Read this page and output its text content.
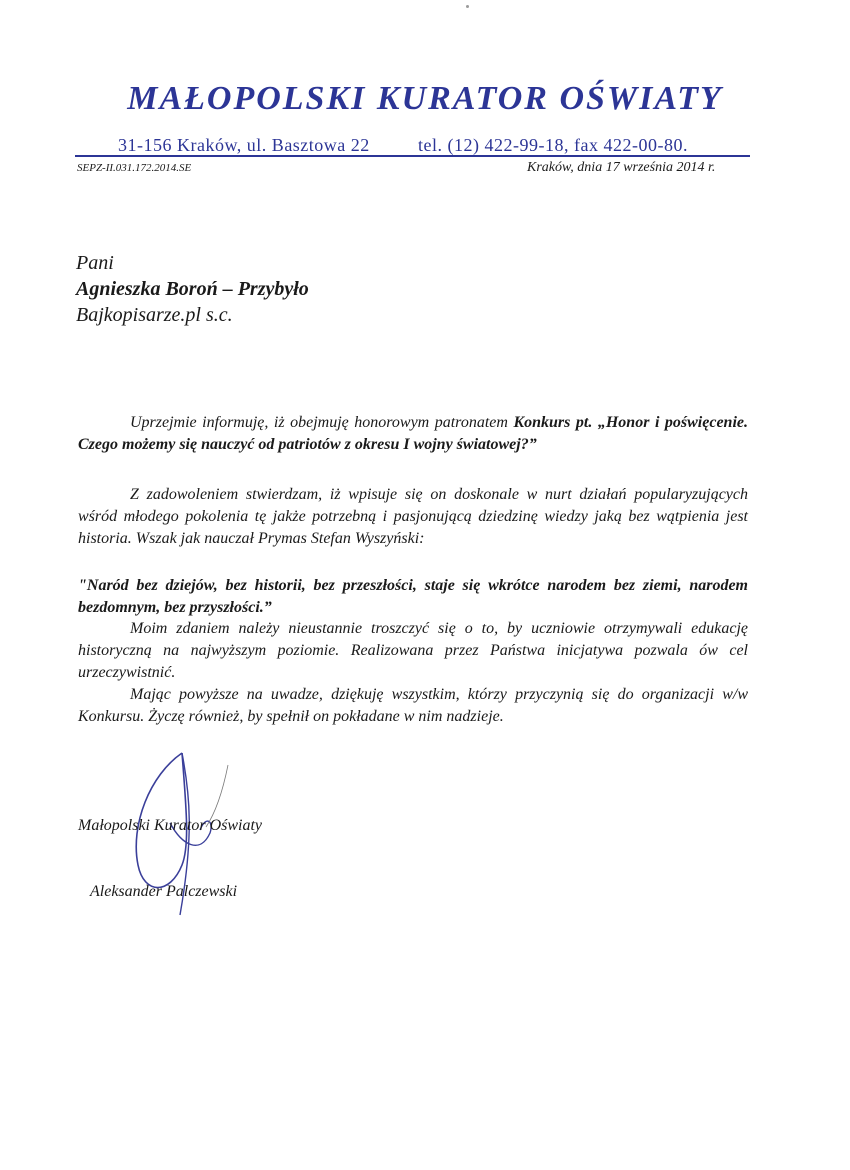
MAŁOPOLSKI KURATOR OŚWIATY
31-156 Kraków, ul. Basztowa 22	tel. (12) 422-99-18, fax 422-00-80.
SEPZ-II.031.172.2014.SE	Kraków, dnia 17 września 2014 r.
Pani
Agnieszka Boroń – Przybyło
Bajkopisarze.pl s.c.
Uprzejmie informuję, iż obejmuję honorowym patronatem Konkurs pt. „Honor i poświęcenie. Czego możemy się nauczyć od patriotów z okresu I wojny światowej?”
Z zadowoleniem stwierdzam, iż wpisuje się on doskonale w nurt działań popularyzujących wśród młodego pokolenia tę jakże potrzebną i pasjonującą dziedzinę wiedzy jaką bez wątpienia jest historia. Wszak jak nauczał Prymas Stefan Wyszyński:
"Naród bez dziejów, bez historii, bez przeszłości, staje się wkrótce narodem bez ziemi, narodem bezdomnym, bez przyszłości.”
Moim zdaniem należy nieustannie troszczyć się o to, by uczniowie otrzymywali edukację historyczną na najwyższym poziomie. Realizowana przez Państwa inicjatywa pozwala ów cel urzeczywistnić.
Mając powyższe na uwadze, dziękuję wszystkim, którzy przyczynią się do organizacji w/w Konkursu. Życzę również, by spełnił on pokładane w nim nadzieje.
Małopolski Kurator Oświaty
Aleksander Palczewski
